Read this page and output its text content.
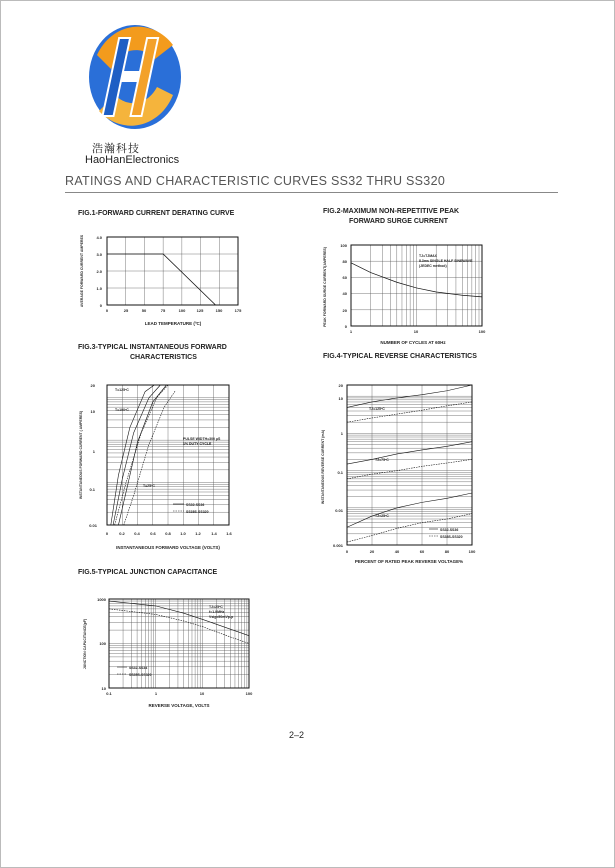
浩瀚科技
HaoHanElectronics
RATINGS AND CHARACTERISTIC CURVES SS32 THRU SS320
FIG.1-FORWARD CURRENT DERATING CURVE
4.0
3.0
2.0
1.0
0
0	25	50	75	100	125	150	175
LEAD TEMPERATURE (ºC)
AVERAGE FORWARD CURRENT AMPERES
FIG.2-MAXIMUM NON-REPETITIVE PEAK
FORWARD SURGE CURRENT
TJ=TJMAX
8.3ms SINGLE HALF SINEWAVE
(JEDEC method)
100
80
60
40
20
0
1	10	100
NUMBER OF CYCLES AT 60Hz
PEAK FORWARD SURGE CURRENT(AMPERES)
FIG.3-TYPICAL INSTANTANEOUS FORWARD
CHARACTERISTICS
T=125ºC
T=100ºC
T=25ºC
PULSE WIDTH=300 µS
1% DUTY CYCLE
SS32-SS36
SS38S-SS320
20
10
1
0.1
0.01
0	0.2 0.4	0.6 0.8 1.0 1.2	1.4 1.6
INSTANTANEOUS FORWARD VOLTAGE (VOLTS)
INSTANTANEOUS FORWARD CURRENT ( AMPERES)
FIG.4-TYPICAL REVERSE CHARACTERISTICS
TJ=125ºC
TJ=75ºC
TJ=25ºC
SS32-SS36
SS38S-SS320
20
10
1
0.1
0.01
0.001
0	20	40	60	80	100
PERCENT OF RATED PEAK REVERSE VOLTAGE%
INSTANTANEOUS REVERSE CURRENT (mA)
FIG.5-TYPICAL JUNCTION CAPACITANCE
TJ=25ºC
f=1.0MHz
Vsig=50mVp-p
SS32-SS34
SS35S-SS320
1000
100
10
0.1	1	10	100
REVERSE VOLTAGE, VOLTS
JUNCTION CAPACITANCE(pF)
2–2
